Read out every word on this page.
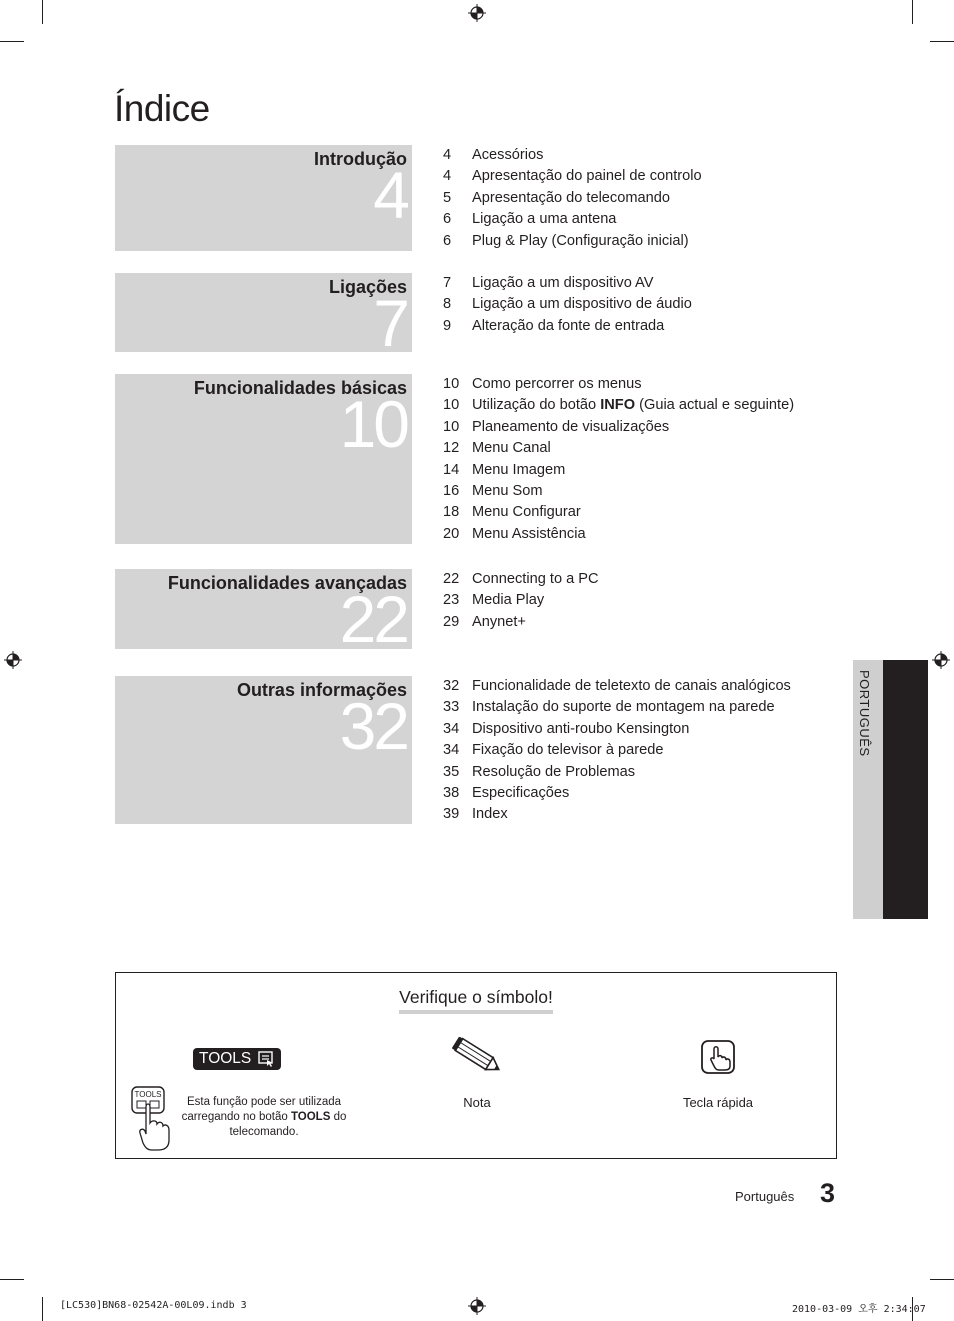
Índice
Introdução
4
4 Acessórios
4 Apresentação do painel de controlo
5 Apresentação do telecomando
6 Ligação a uma antena
6 Plug & Play (Configuração inicial)
Ligações
7
7 Ligação a um dispositivo AV
8 Ligação a um dispositivo de áudio
9 Alteração da fonte de entrada
Funcionalidades básicas
10
10 Como percorrer os menus
10 Utilização do botão INFO (Guia actual e seguinte)
10 Planeamento de visualizações
12 Menu Canal
14 Menu Imagem
16 Menu Som
18 Menu Configurar
20 Menu Assistência
Funcionalidades avançadas
22
22 Connecting to a PC
23 Media Play
29 Anynet+
Outras informações
32
32 Funcionalidade de teletexto de canais analógicos
33 Instalação do suporte de montagem na parede
34 Dispositivo anti-roubo Kensington
34 Fixação do televisor à parede
35 Resolução de Problemas
38 Especificações
39 Index
PORTUGUÊS
Verifique o símbolo!
TOOLS
TOOLS
Esta função pode ser utilizada carregando no botão TOOLS do telecomando.
Nota	Tecla rápida
Português 3
[LC530]BN68-02542A-00L09.indb 3	2010-03-09 오후 2:34:07
